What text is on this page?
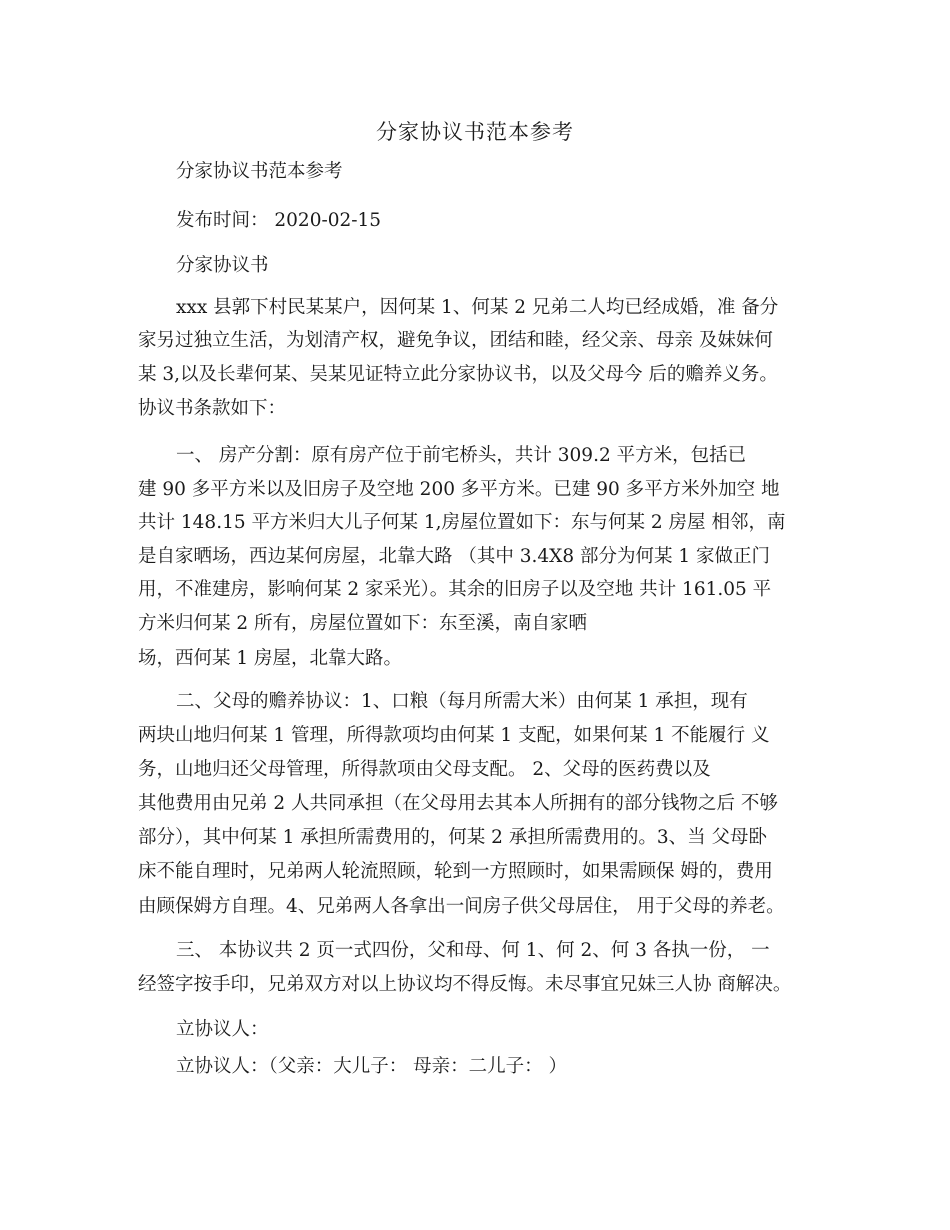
分家协议书范本参考
分家协议书范本参考
发布时间： 2020-02-15
分家协议书
xxx 县郭下村民某某户，因何某 1、何某 2 兄弟二人均已经成婚，准 备分
家另过独立生活，为划清产权，避免争议，团结和睦，经父亲、母亲 及妹妹何
某 3,以及长辈何某、吴某见证特立此分家协议书，以及父母今 后的赡养义务。
协议书条款如下：
一、 房产分割：原有房产位于前宅桥头，共计 309.2 平方米，包括已
建 90 多平方米以及旧房子及空地 200 多平方米。已建 90 多平方米外加空 地
共计 148.15 平方米归大儿子何某 1,房屋位置如下：东与何某 2 房屋 相邻，南
是自家晒场，西边某何房屋，北靠大路 （其中 3.4X8 部分为何某 1 家做正门
用，不准建房，影响何某 2 家采光）。其余的旧房子以及空地 共计 161.05 平
方米归何某 2 所有，房屋位置如下：东至溪，南自家晒
场，西何某 1 房屋，北靠大路。
二、父母的赡养协议：1、口粮（每月所需大米）由何某 1 承担，现有
两块山地归何某 1 管理，所得款项均由何某 1 支配，如果何某 1 不能履行 义
务，山地归还父母管理，所得款项由父母支配。 2、父母的医药费以及
其他费用由兄弟 2 人共同承担（在父母用去其本人所拥有的部分钱物之后 不够
部分），其中何某 1 承担所需费用的，何某 2 承担所需费用的。3、当 父母卧
床不能自理时，兄弟两人轮流照顾，轮到一方照顾时，如果需顾保 姆的，费用
由顾保姆方自理。4、兄弟两人各拿出一间房子供父母居住， 用于父母的养老。
三、 本协议共 2 页一式四份，父和母、何 1、何 2、何 3 各执一份， 一
经签字按手印，兄弟双方对以上协议均不得反悔。未尽事宜兄妹三人协 商解决。
立协议人：
立协议人：（父亲：大儿子： 母亲：二儿子： ）
